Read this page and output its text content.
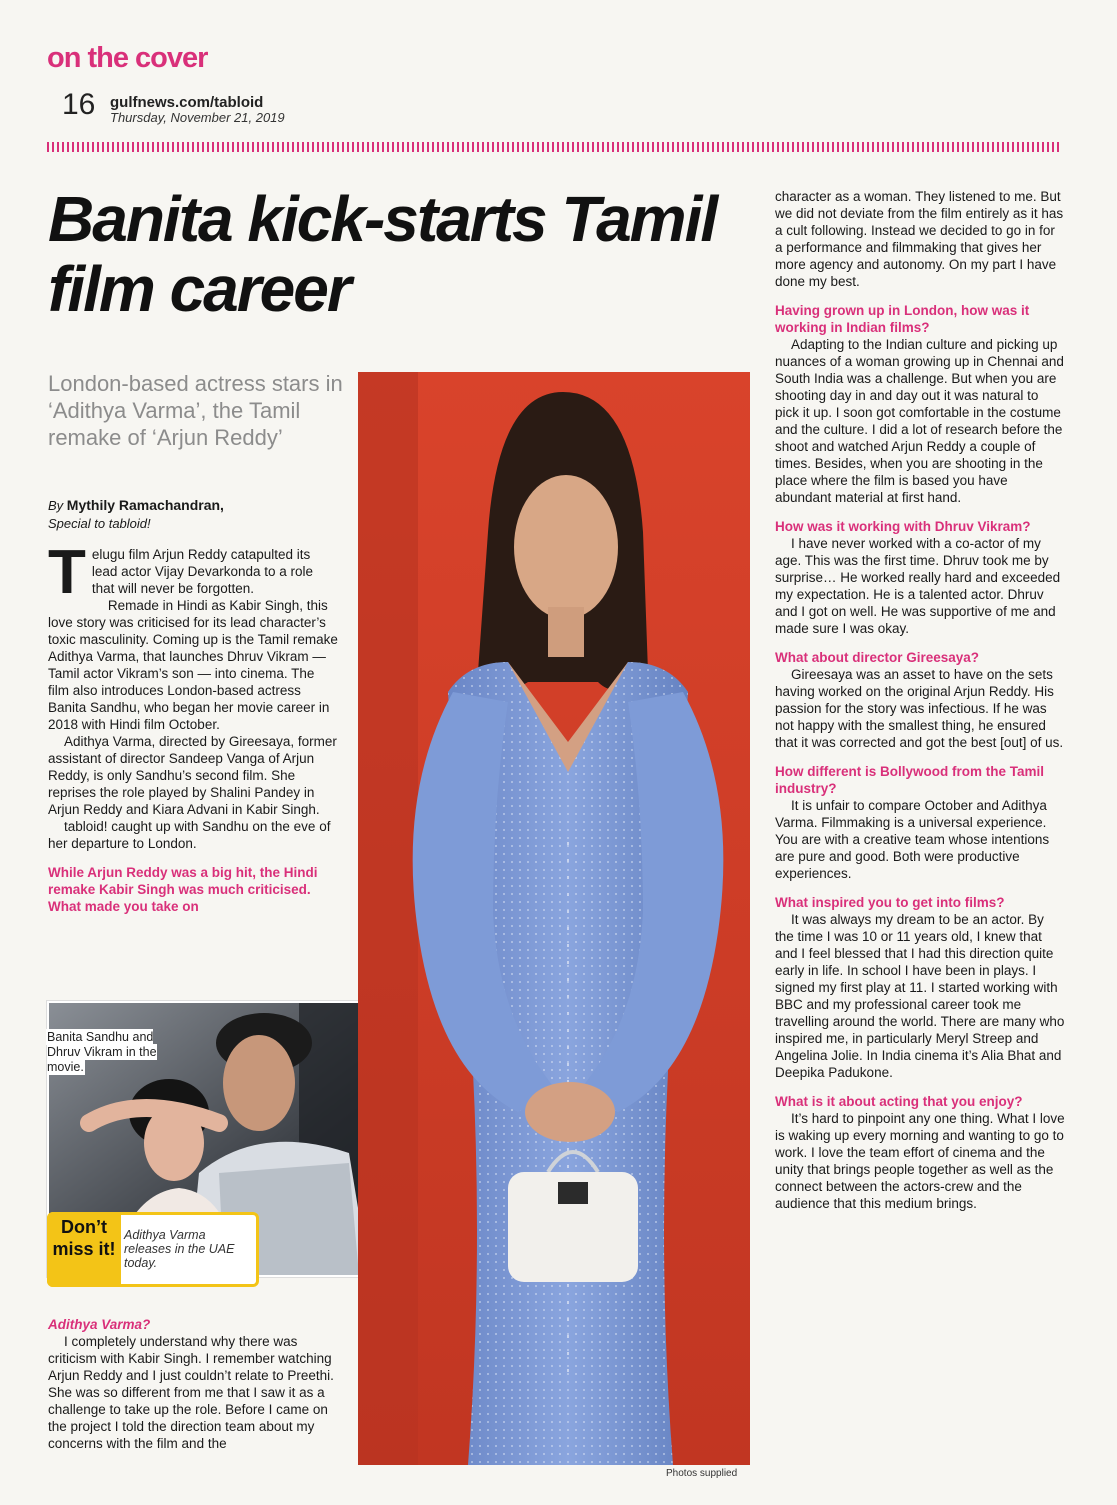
on the cover
16 gulfnews.com/tabloid
Thursday, November 21, 2019
Banita kick-starts Tamil film career
London-based actress stars in ‘Adithya Varma’, the Tamil remake of ‘Arjun Reddy’
By Mythily Ramachandran,
Special to tabloid!

Telugu film Arjun Reddy catapulted its lead actor Vijay Devarkonda to a role that will never be forgotten.

Remade in Hindi as Kabir Singh, this love story was criticised for its lead character’s toxic masculinity. Coming up is the Tamil remake Adithya Varma, that launches Dhruv Vikram — Tamil actor Vikram’s son — into cinema. The film also introduces London-based actress Banita Sandhu, who began her movie career in 2018 with Hindi film October.

Adithya Varma, directed by Gireesaya, former assistant of director Sandeep Vanga of Arjun Reddy, is only Sandhu’s second film. She reprises the role played by Shalini Pandey in Arjun Reddy and Kiara Advani in Kabir Singh.

tabloid! caught up with Sandhu on the eve of her departure to London.

While Arjun Reddy was a big hit, the Hindi remake Kabir Singh was much criticised. What made you take on

Banita Sandhu and Dhruv Vikram in the movie.
Don’t miss it!
Adithya Varma releases in the UAE today.

Adithya Varma?

I completely understand why there was criticism with Kabir Singh. I remember watching Arjun Reddy and I just couldn’t relate to Preethi. She was so different from me that I saw it as a challenge to take up the role. Before I came on the project I told the direction team about my concerns with the film and the

Photos supplied

character as a woman. They listened to me. But we did not deviate from the film entirely as it has a cult following. Instead we decided to go in for a performance and filmmaking that gives her more agency and autonomy. On my part I have done my best.

Having grown up in London, how was it working in Indian films?

Adapting to the Indian culture and picking up nuances of a woman growing up in Chennai and South India was a challenge. But when you are shooting day in and day out it was natural to pick it up. I soon got comfortable in the costume and the culture. I did a lot of research before the shoot and watched Arjun Reddy a couple of times. Besides, when you are shooting in the place where the film is based you have abundant material at first hand.

How was it working with Dhruv Vikram?

I have never worked with a co-actor of my age. This was the first time. Dhruv took me by surprise… He worked really hard and exceeded my expectation. He is a talented actor. Dhruv and I got on well. He was supportive of me and made sure I was okay.

What about director Gireesaya?

Gireesaya was an asset to have on the sets having worked on the original Arjun Reddy. His passion for the story was infectious. If he was not happy with the smallest thing, he ensured that it was corrected and got the best [out] of us.

How different is Bollywood from the Tamil industry?

It is unfair to compare October and Adithya Varma. Filmmaking is a universal experience. You are with a creative team whose intentions are pure and good. Both were productive experiences.

What inspired you to get into films?

It was always my dream to be an actor. By the time I was 10 or 11 years old, I knew that and I feel blessed that I had this direction quite early in life. In school I have been in plays. I signed my first play at 11. I started working with BBC and my professional career took me travelling around the world. There are many who inspired me, in particularly Meryl Streep and Angelina Jolie. In India cinema it’s Alia Bhat and Deepika Padukone.

What is it about acting that you enjoy?

It’s hard to pinpoint any one thing. What I love is waking up every morning and wanting to go to work. I love the team effort of cinema and the unity that brings people together as well as the connect between the actors-crew and the audience that this medium brings.
